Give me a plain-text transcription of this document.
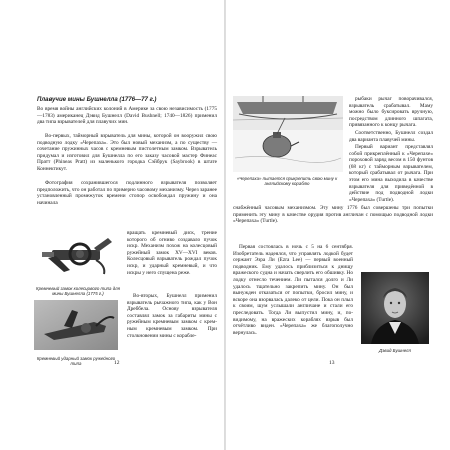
Плавучие мины Бушнелла (1776—77 г.)
Во время войны английских колоний в Америке за свою независимость (1775—1783) американец Дэвид Бушнелл (David Bushnell; 1740—1826) применил два типа взрывателей для плавучих мин.
Во-первых, тайморный взрыватель для мины, которой он вооружил свою подводную лодку «Черепаха». Это был новый механизм, а по существу — сочетание пружинных часов с кремневым пистолетным замком. Взрыватель придумал и изготовил для Бушнелла по его заказу часовой мастер Финеас Пратт (Phineas Pratt) из маленького городка Сэйбрук (Saybrook) в штате Коннектикут.
Фотография сохранившегося подлинного взрывателя позволяет предположить, что он работал по примерно часовому механизму. Через заранее установленный промежуток времени стопор освобождал пружину и она начинала
Кремневый замок колесцового типа для мины Бушнелла (1775 г.)
вращать кремневый диск, трение которого об огниво создавало пучок искр. Механизм похож на колесцовый ружейный замок XV—XVI веков. Колесцовый взрыватель рождал пучок искр, и ударный кремневый, и что искры у него спущена реже.
Кремневый ударный замок ружейного типа
Во-вторых, Бушнелл применил взрыватель рычажного типа, как у Вон Дреббела. Основу взрывателя составлял замок за габариты мины с ружейным кремневым замком с крем-ным кремневым замком. При столкновении мины с корабле-
12
«Черепаха» пытается прикрепить свою мину к английскому кораблю
рыбаки рычаг поворачивался, взрыватель срабатывал. Маму можно было буксировать вручную, посредством длинного шпагата, привязанного к концу рычага.
Соответственно, Бушнелл создал два варианта плавучей мины.
Первый вариант представлял собой прикреплённый к «Черепахе» пороховой заряд весом в 150 фунтов (68 кг) с тайморным взрывателем, который срабатывал от рычага. При этом его мина выходила в качестве взрывателя для приведённой в действие под подводной лодки «Черепаха» (Turtle).
снабжённый часовым механизмом. Эту мину 1776 был совершены три попытки применить эту мину в качестве орудия против англичан с помощью подводной лодки «Черепаха» (Turtle).
Первая состоялась в ночь с 5 на 6 сентября. Изобретатель надеялся, что управлять лодкой будет сержант Эзра Ли (Ezra Lee) — первый военный подводник. Ему удалось приблизиться к днищу вражеского судна и начать сверлить его обшивку. Но лодку отнесло течением. Ли пытался долго и Ли удалось тщательно закрепить мину. Он был вынужден отказаться от попытки, бросил мину, и вскоре она взорвалась далеко от цели. Пока он плыл к своим, шум услышали англичане и стали его преследовать. Тогда Ли выпустил мину, и, по-видимому, на вражеских кораблях взрыв был отчётливо виден. «Черепаха» же благополучно вернулась.
Дэвид Бушнелл
13
